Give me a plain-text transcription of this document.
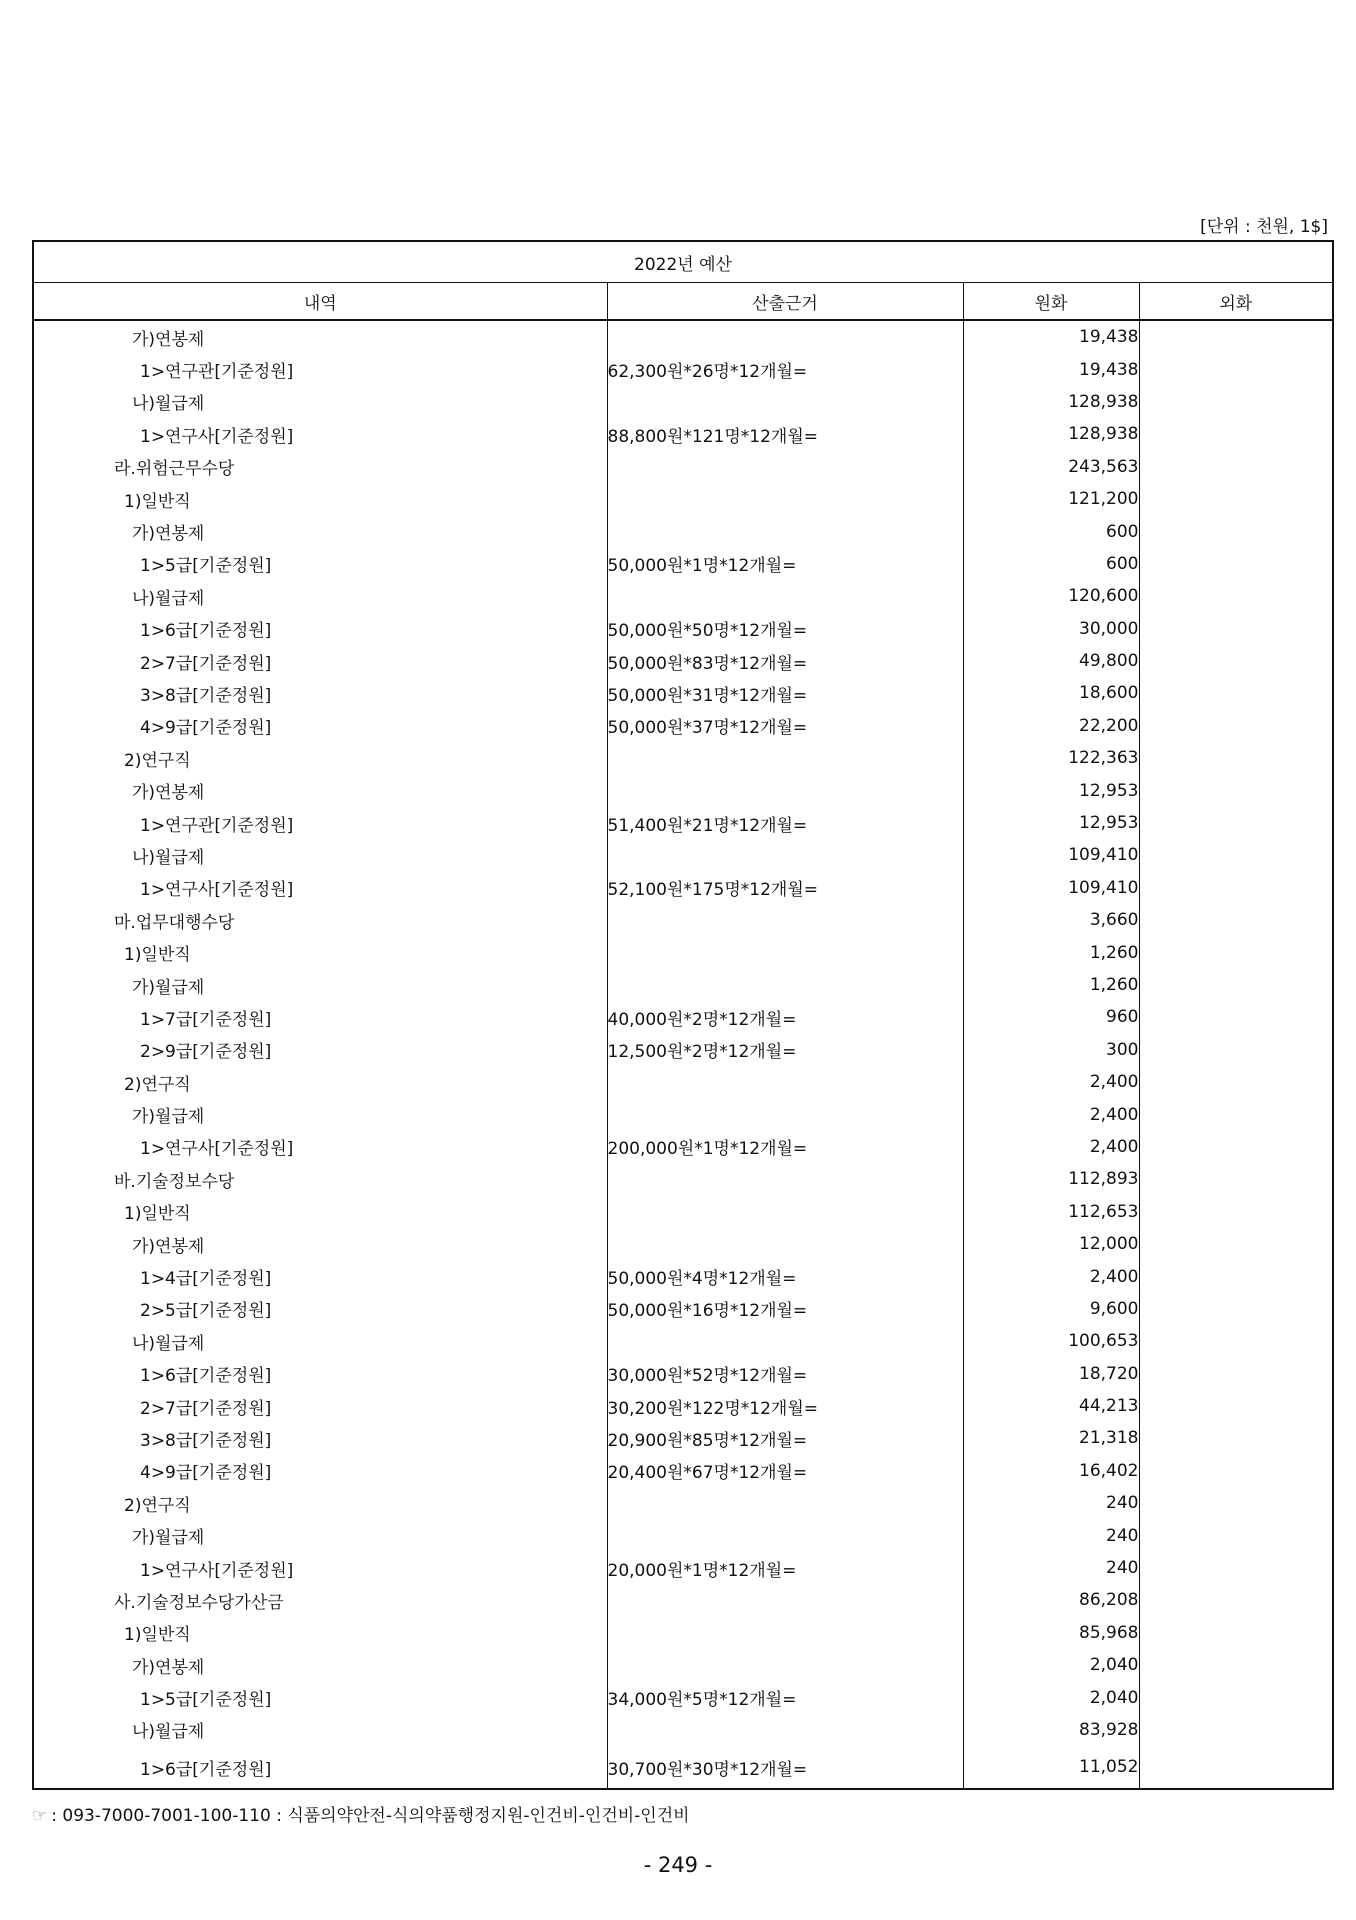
[단위 : 천원, 1$]
2022년 예산			
내역	산출근거	원화	외화
가)연봉제		19,438	
1>연구관[기준정원]	62,300원*26명*12개월=	19,438	
나)월급제		128,938	
1>연구사[기준정원]	88,800원*121명*12개월=	128,938	
라.위험근무수당		243,563	
1)일반직		121,200	
가)연봉제		600	
1>5급[기준정원]	50,000원*1명*12개월=	600	
나)월급제		120,600	
1>6급[기준정원]	50,000원*50명*12개월=	30,000	
2>7급[기준정원]	50,000원*83명*12개월=	49,800	
3>8급[기준정원]	50,000원*31명*12개월=	18,600	
4>9급[기준정원]	50,000원*37명*12개월=	22,200	
2)연구직		122,363	
가)연봉제		12,953	
1>연구관[기준정원]	51,400원*21명*12개월=	12,953	
나)월급제		109,410	
1>연구사[기준정원]	52,100원*175명*12개월=	109,410	
마.업무대행수당		3,660	
1)일반직		1,260	
가)월급제		1,260	
1>7급[기준정원]	40,000원*2명*12개월=	960	
2>9급[기준정원]	12,500원*2명*12개월=	300	
2)연구직		2,400	
가)월급제		2,400	
1>연구사[기준정원]	200,000원*1명*12개월=	2,400	
바.기술정보수당		112,893	
1)일반직		112,653	
가)연봉제		12,000	
1>4급[기준정원]	50,000원*4명*12개월=	2,400	
2>5급[기준정원]	50,000원*16명*12개월=	9,600	
나)월급제		100,653	
1>6급[기준정원]	30,000원*52명*12개월=	18,720	
2>7급[기준정원]	30,200원*122명*12개월=	44,213	
3>8급[기준정원]	20,900원*85명*12개월=	21,318	
4>9급[기준정원]	20,400원*67명*12개월=	16,402	
2)연구직		240	
가)월급제		240	
1>연구사[기준정원]	20,000원*1명*12개월=	240	
사.기술정보수당가산금		86,208	
1)일반직		85,968	
가)연봉제		2,040	
1>5급[기준정원]	34,000원*5명*12개월=	2,040	
나)월급제		83,928	
1>6급[기준정원]	30,700원*30명*12개월=	11,052	
☞ : 093-7000-7001-100-110 : 식품의약안전-식의약품행정지원-인건비-인건비-인건비
- 249 -
